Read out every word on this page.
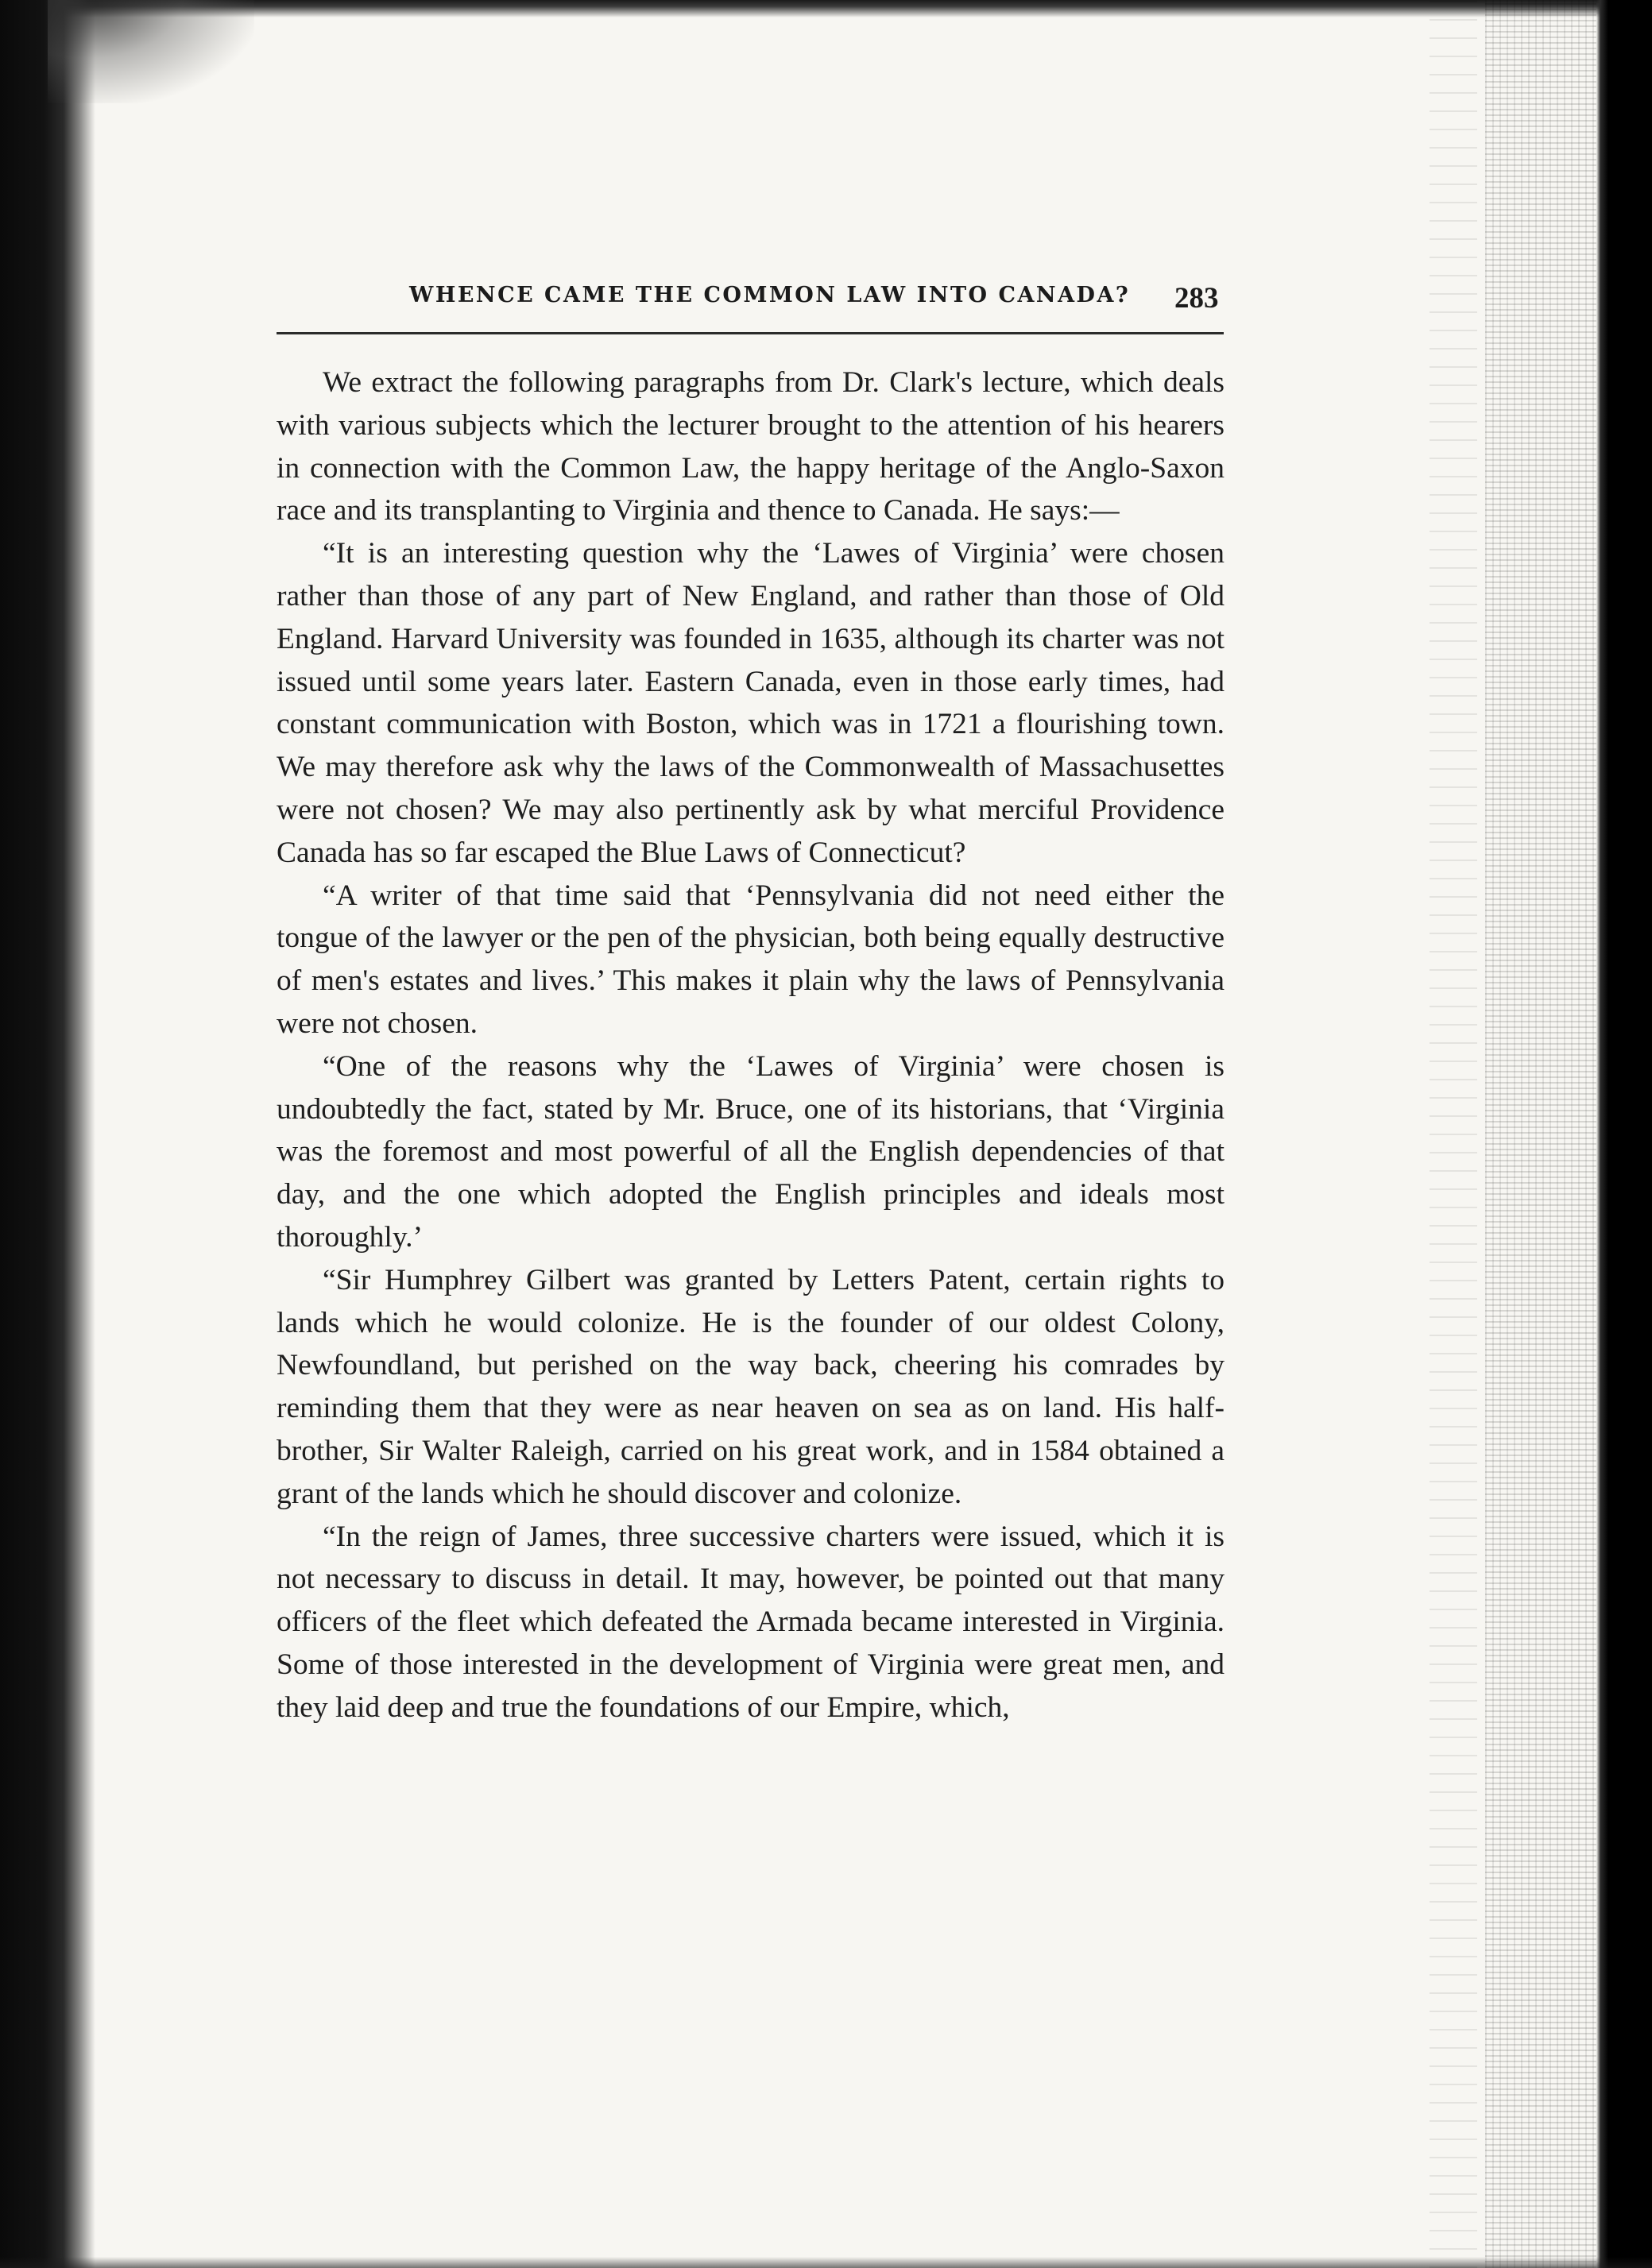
WHENCE CAME THE COMMON LAW INTO CANADA? 283

We extract the following paragraphs from Dr. Clark's lecture, which deals with various subjects which the lecturer brought to the attention of his hearers in connection with the Common Law, the happy heritage of the Anglo-Saxon race and its transplanting to Virginia and thence to Canada. He says:—

“It is an interesting question why the ‘Lawes of Virginia’ were chosen rather than those of any part of New England, and rather than those of Old England. Harvard University was founded in 1635, although its charter was not issued until some years later. Eastern Canada, even in those early times, had constant communication with Boston, which was in 1721 a flourishing town. We may therefore ask why the laws of the Commonwealth of Massachusettes were not chosen? We may also pertinently ask by what merciful Providence Canada has so far escaped the Blue Laws of Connecticut?

“A writer of that time said that ‘Pennsylvania did not need either the tongue of the lawyer or the pen of the physician, both being equally destructive of men's estates and lives.’ This makes it plain why the laws of Pennsylvania were not chosen.

“One of the reasons why the ‘Lawes of Virginia’ were chosen is undoubtedly the fact, stated by Mr. Bruce, one of its historians, that ‘Virginia was the foremost and most powerful of all the English dependencies of that day, and the one which adopted the English principles and ideals most thoroughly.’

“Sir Humphrey Gilbert was granted by Letters Patent, certain rights to lands which he would colonize. He is the founder of our oldest Colony, Newfoundland, but perished on the way back, cheering his comrades by reminding them that they were as near heaven on sea as on land. His half-brother, Sir Walter Raleigh, carried on his great work, and in 1584 obtained a grant of the lands which he should discover and colonize.

“In the reign of James, three successive charters were issued, which it is not necessary to discuss in detail. It may, however, be pointed out that many officers of the fleet which defeated the Armada became interested in Virginia. Some of those interested in the development of Virginia were great men, and they laid deep and true the foundations of our Empire, which,
